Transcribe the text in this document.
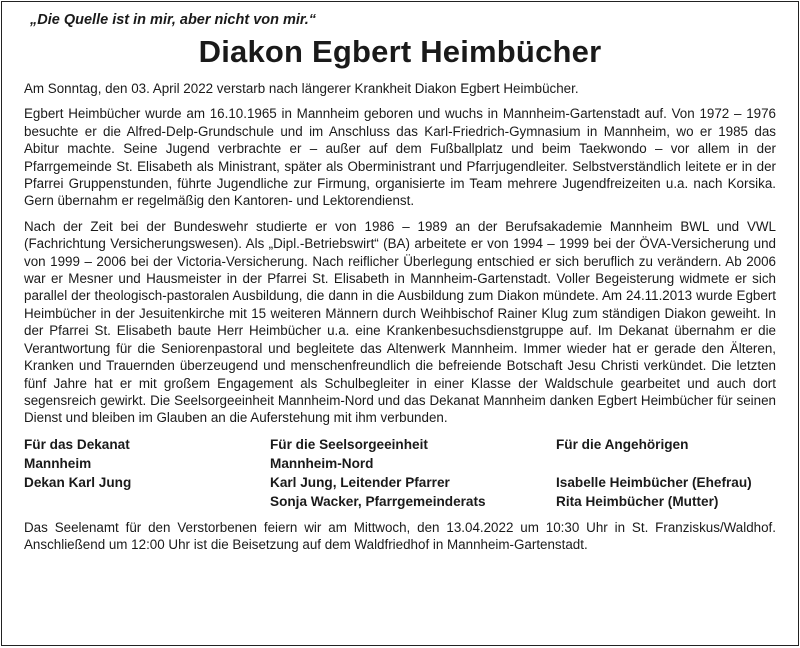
„Die Quelle ist in mir, aber nicht von mir.“
Diakon Egbert Heimbücher

Am Sonntag, den 03. April 2022 verstarb nach längerer Krankheit Diakon Egbert Heimbücher.

Egbert Heimbücher wurde am 16.10.1965 in Mannheim geboren und wuchs in Mannheim-Gartenstadt auf. Von 1972 – 1976 besuchte er die Alfred-Delp-Grundschule und im Anschluss das Karl-Friedrich-Gymnasium in Mannheim, wo er 1985 das Abitur machte. Seine Jugend verbrachte er – außer auf dem Fußballplatz und beim Taekwondo – vor allem in der Pfarrgemeinde St. Elisabeth als Ministrant, später als Oberministrant und Pfarrjugendleiter. Selbstverständlich leitete er in der Pfarrei Gruppenstunden, führte Jugendliche zur Firmung, organisierte im Team mehrere Jugendfreizeiten u.a. nach Korsika. Gern übernahm er regelmäßig den Kantoren- und Lektorendienst.

Nach der Zeit bei der Bundeswehr studierte er von 1986 – 1989 an der Berufsakademie Mannheim BWL und VWL (Fachrichtung Versicherungswesen). Als „Dipl.-Betriebswirt“ (BA) arbeitete er von 1994 – 1999 bei der ÖVA-Versicherung und von 1999 – 2006 bei der Victoria-Versicherung. Nach reiflicher Überlegung entschied er sich beruflich zu verändern. Ab 2006 war er Mesner und Hausmeister in der Pfarrei St. Elisabeth in Mannheim-Gartenstadt. Voller Begeisterung widmete er sich parallel der theologisch-pastoralen Ausbildung, die dann in die Ausbildung zum Diakon mündete. Am 24.11.2013 wurde Egbert Heimbücher in der Jesuitenkirche mit 15 weiteren Männern durch Weihbischof Rainer Klug zum ständigen Diakon geweiht. In der Pfarrei St. Elisabeth baute Herr Heimbücher u.a. eine Krankenbesuchsdienstgruppe auf. Im Dekanat übernahm er die Verantwortung für die Seniorenpastoral und begleitete das Altenwerk Mannheim. Immer wieder hat er gerade den Älteren, Kranken und Trauernden überzeugend und menschenfreundlich die befreiende Botschaft Jesu Christi verkündet. Die letzten fünf Jahre hat er mit großem Engagement als Schulbegleiter in einer Klasse der Waldschule gearbeitet und auch dort segensreich gewirkt. Die Seelsorgeeinheit Mannheim-Nord und das Dekanat Mannheim danken Egbert Heimbücher für seinen Dienst und bleiben im Glauben an die Auferstehung mit ihm verbunden.

Für das Dekanat
Mannheim
Dekan Karl Jung
Für die Seelsorgeeinheit
Mannheim-Nord
Karl Jung, Leitender Pfarrer
Sonja Wacker, Pfarrgemeinderats
Für die Angehörigen
Isabelle Heimbücher (Ehefrau)
Rita Heimbücher (Mutter)

Das Seelenamt für den Verstorbenen feiern wir am Mittwoch, den 13.04.2022 um 10:30 Uhr in St. Franziskus/Waldhof. Anschließend um 12:00 Uhr ist die Beisetzung auf dem Waldfriedhof in Mannheim-Gartenstadt.
